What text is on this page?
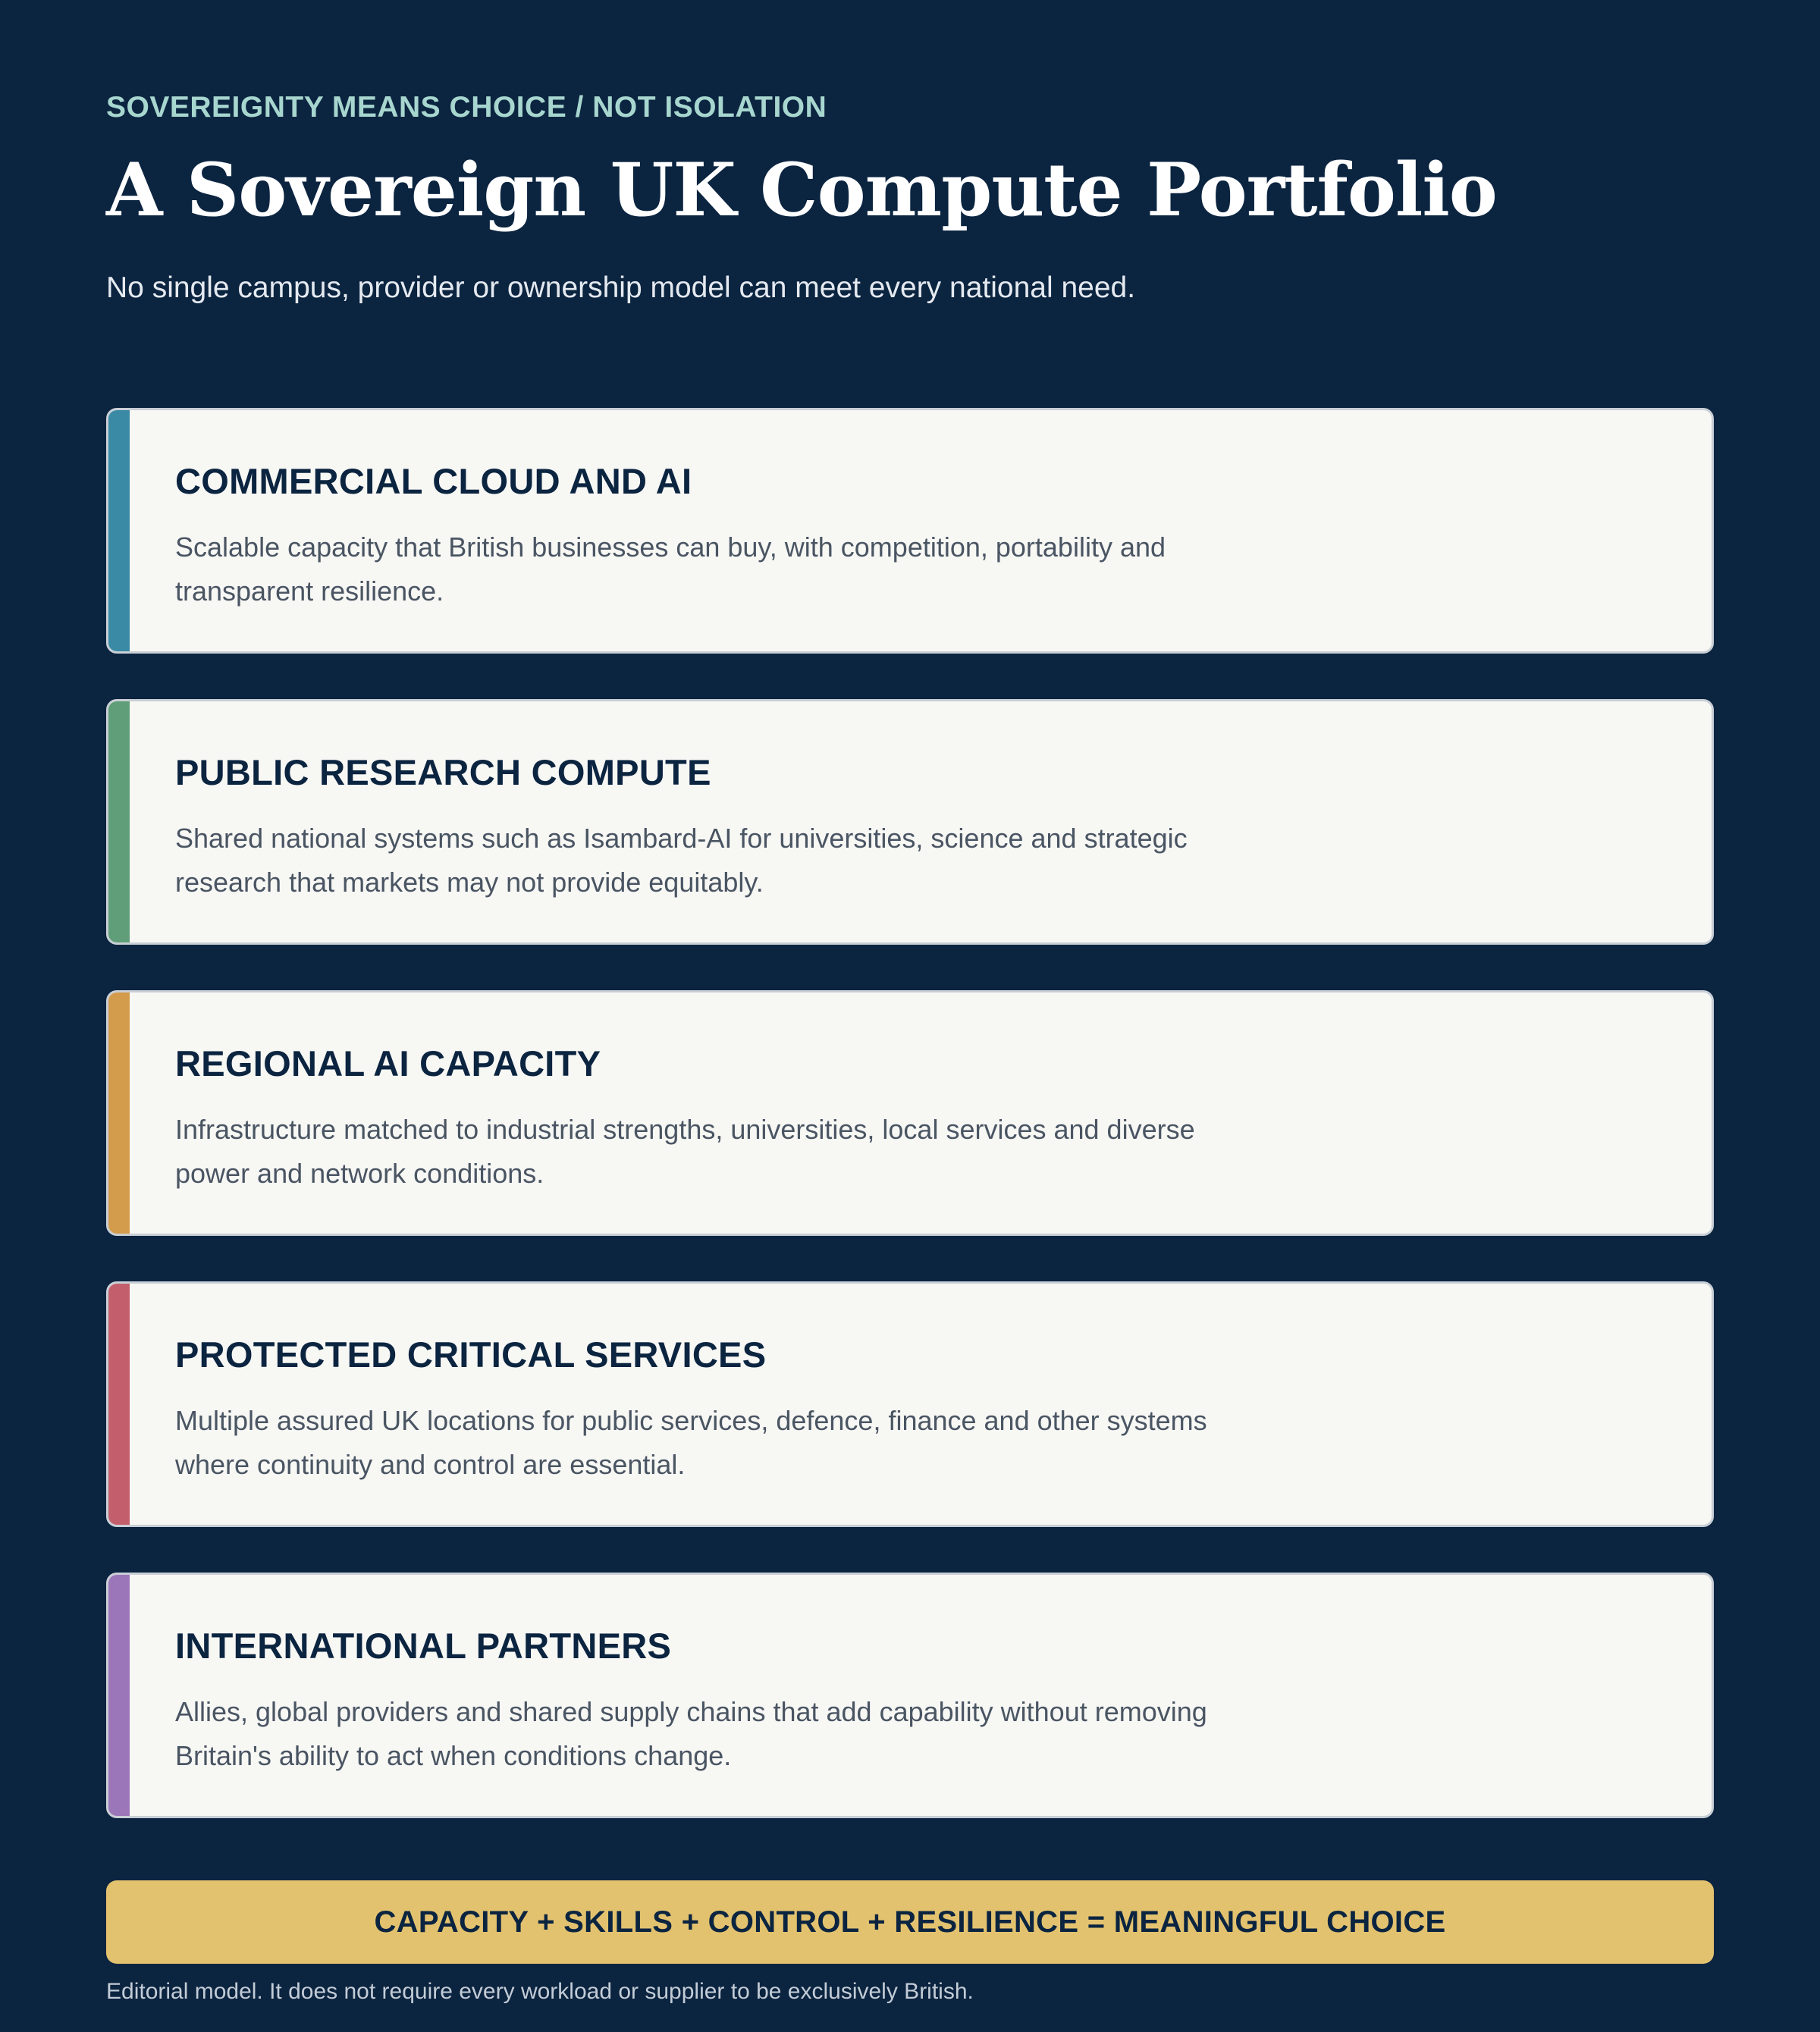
SOVEREIGNTY MEANS CHOICE / NOT ISOLATION
A Sovereign UK Compute Portfolio
No single campus, provider or ownership model can meet every national need.
COMMERCIAL CLOUD AND AI
Scalable capacity that British businesses can buy, with competition, portability and transparent resilience.
PUBLIC RESEARCH COMPUTE
Shared national systems such as Isambard-AI for universities, science and strategic research that markets may not provide equitably.
REGIONAL AI CAPACITY
Infrastructure matched to industrial strengths, universities, local services and diverse power and network conditions.
PROTECTED CRITICAL SERVICES
Multiple assured UK locations for public services, defence, finance and other systems where continuity and control are essential.
INTERNATIONAL PARTNERS
Allies, global providers and shared supply chains that add capability without removing Britain's ability to act when conditions change.
CAPACITY + SKILLS + CONTROL + RESILIENCE = MEANINGFUL CHOICE
Editorial model. It does not require every workload or supplier to be exclusively British.
